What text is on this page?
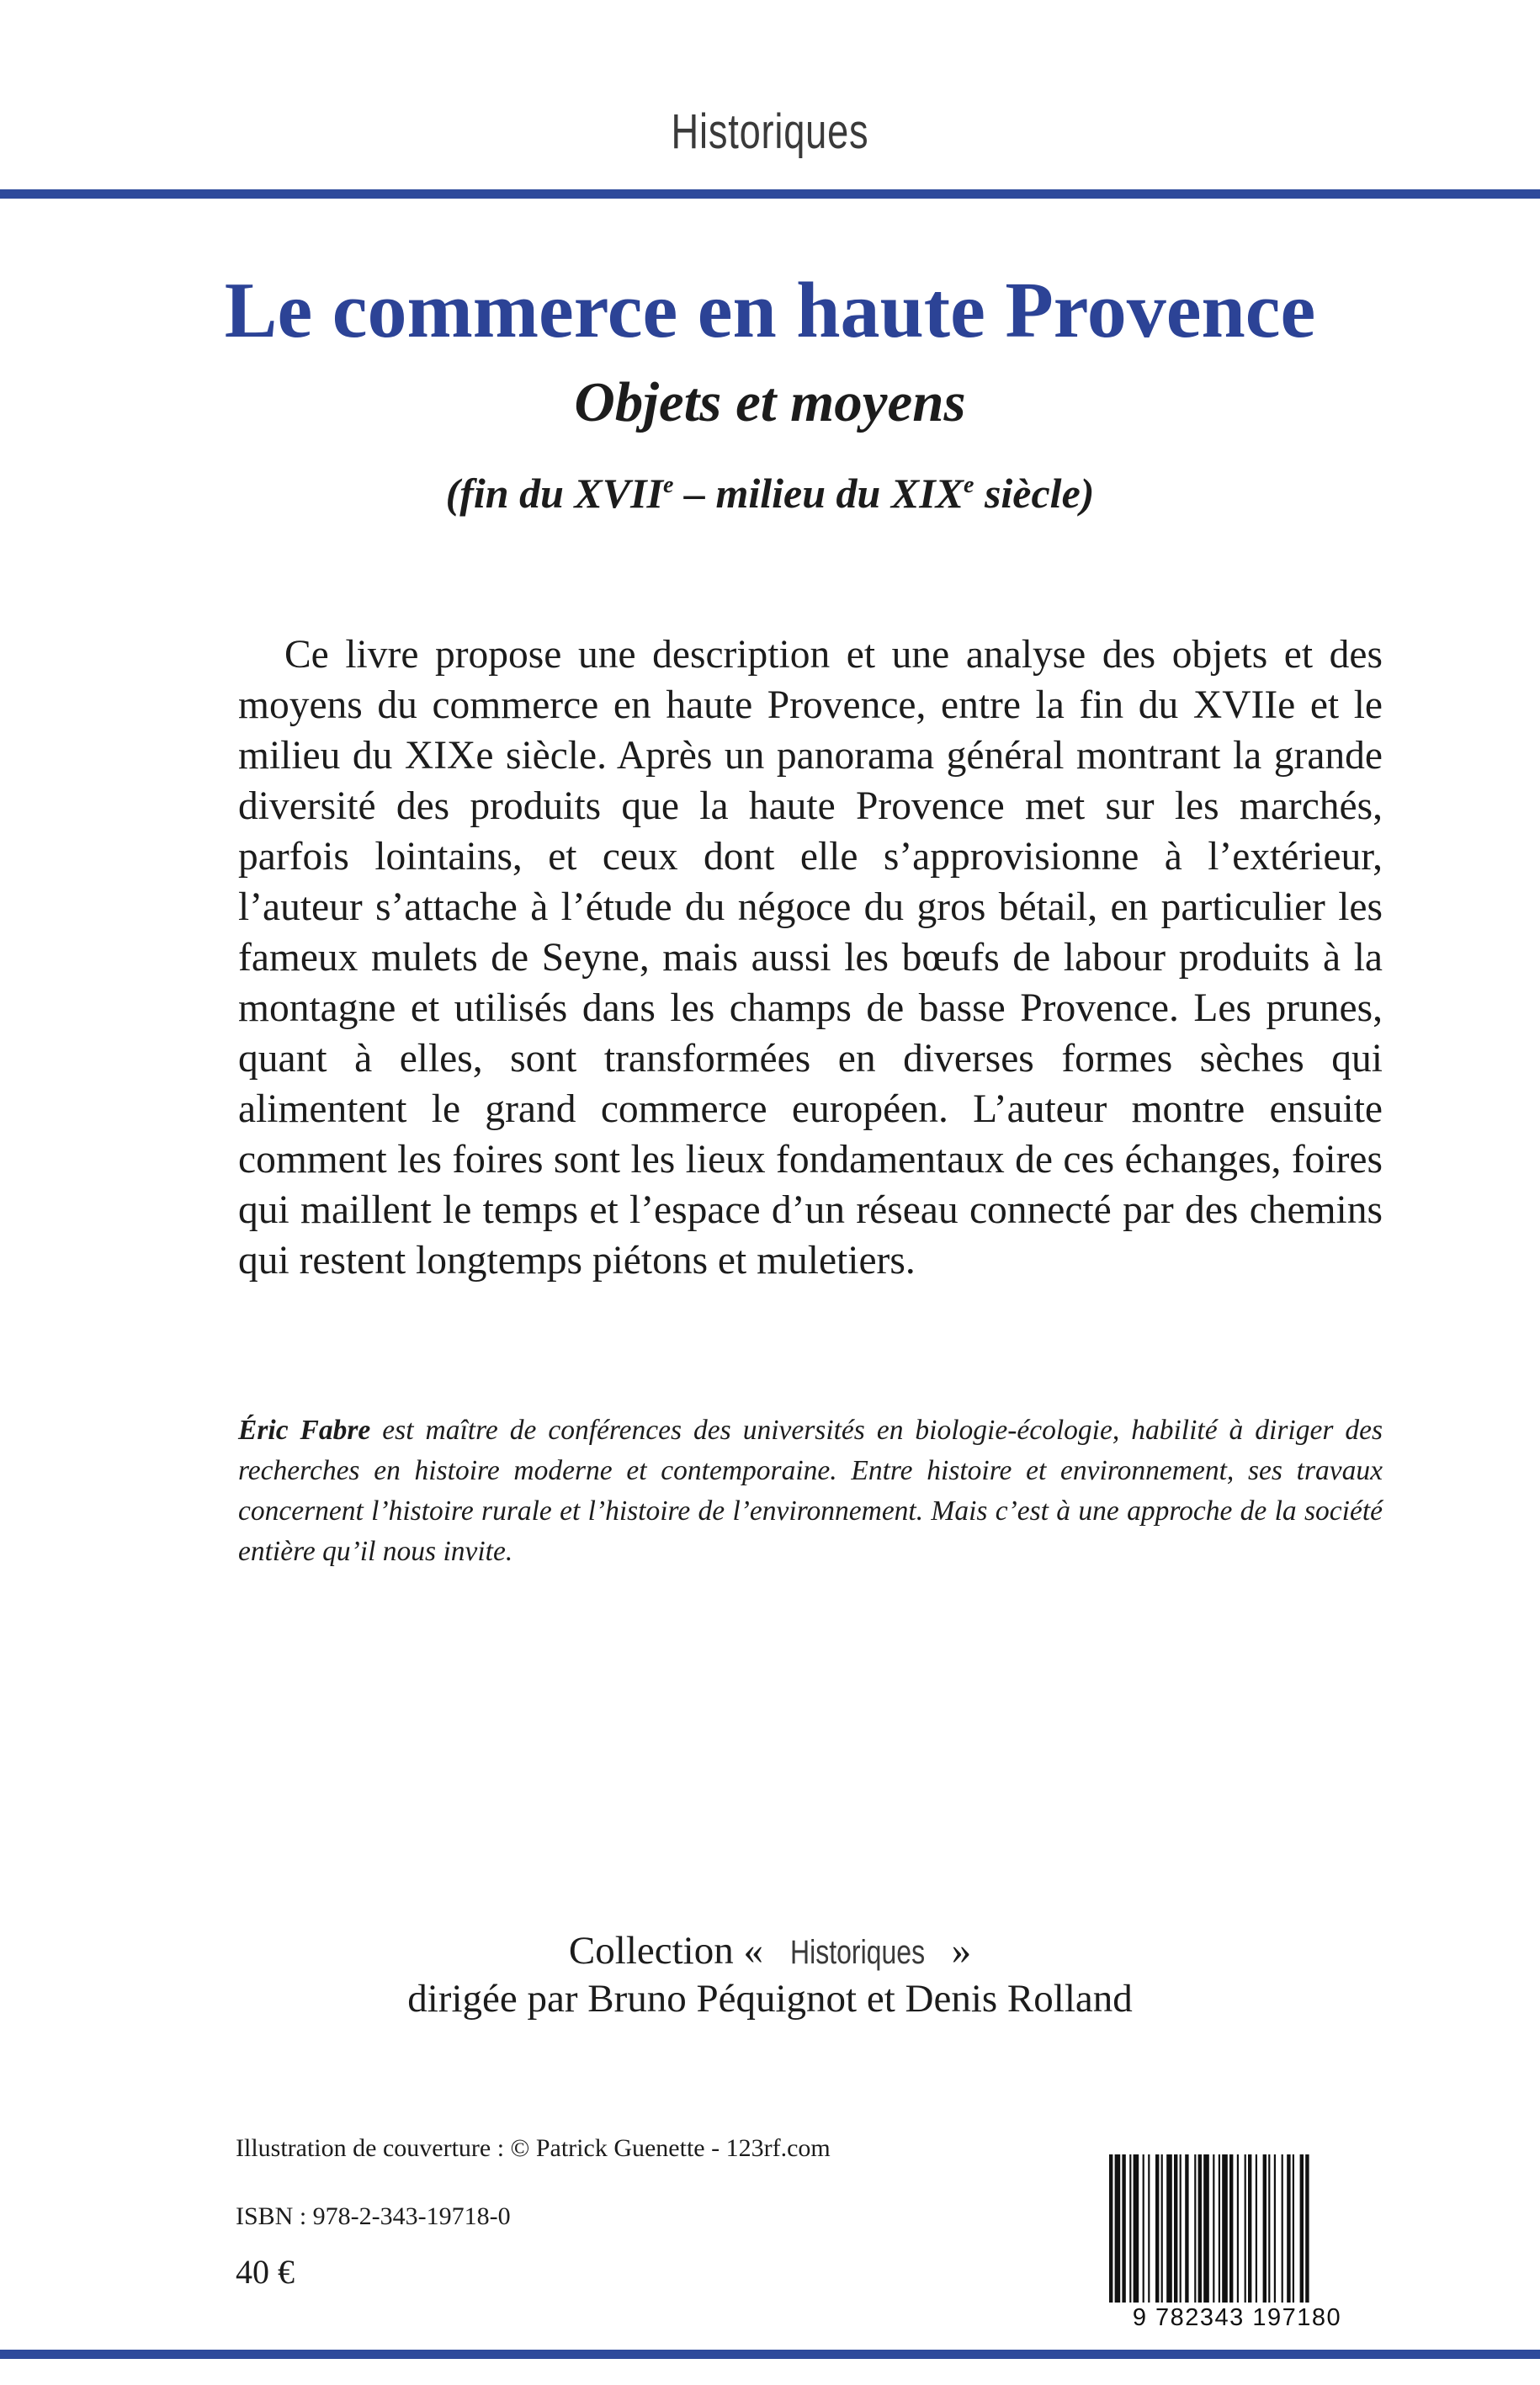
Historiques
Le commerce en haute Provence
Objets et moyens
(fin du XVIIe – milieu du XIXe siècle)
Ce livre propose une description et une analyse des objets et des moyens du commerce en haute Provence, entre la fin du XVIIe et le milieu du XIXe siècle. Après un panorama général montrant la grande diversité des produits que la haute Provence met sur les marchés, parfois lointains, et ceux dont elle s’approvisionne à l’extérieur, l’auteur s’attache à l’étude du négoce du gros bétail, en particulier les fameux mulets de Seyne, mais aussi les bœufs de labour produits à la montagne et utilisés dans les champs de basse Provence. Les prunes, quant à elles, sont transformées en diverses formes sèches qui alimentent le grand commerce européen. L’auteur montre ensuite comment les foires sont les lieux fondamentaux de ces échanges, foires qui maillent le temps et l’espace d’un réseau connecté par des chemins qui restent longtemps piétons et muletiers.
Éric Fabre est maître de conférences des universités en biologie-écologie, habilité à diriger des recherches en histoire moderne et contemporaine. Entre histoire et environnement, ses travaux concernent l’histoire rurale et l’histoire de l’environnement. Mais c’est à une approche de la société entière qu’il nous invite.
Collection « Historiques »
dirigée par Bruno Péquignot et Denis Rolland
Illustration de couverture : © Patrick Guenette - 123rf.com
ISBN : 978-2-343-19718-0
40 €
9 782343 197180
